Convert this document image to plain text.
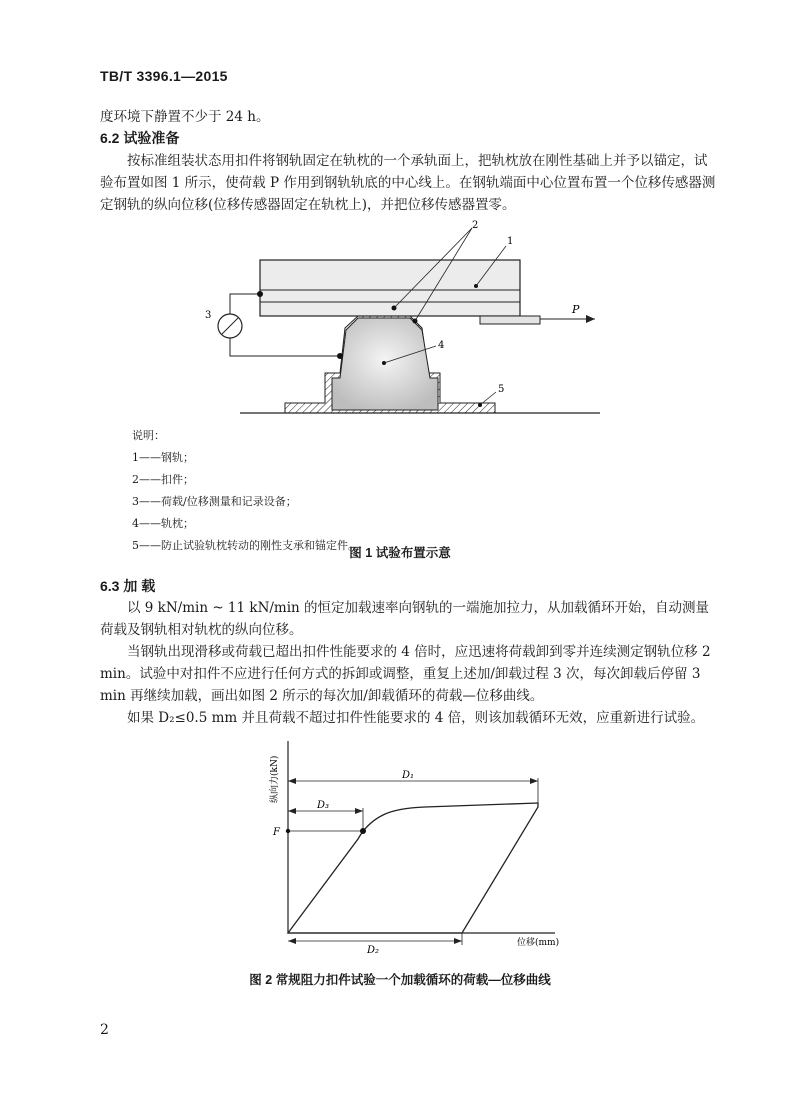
TB/T 3396.1—2015
度环境下静置不少于 24 h。
6.2 试验准备
按标准组装状态用扣件将钢轨固定在轨枕的一个承轨面上，把轨枕放在刚性基础上并予以锚定，试验布置如图 1 所示，使荷载 P 作用到钢轨轨底的中心线上。在钢轨端面中心位置布置一个位移传感器测定钢轨的纵向位移(位移传感器固定在轨枕上)，并把位移传感器置零。
P
2
1
4
5
3
说明：
1——钢轨；
2——扣件；
3——荷载/位移测量和记录设备；
4——轨枕；
5——防止试验轨枕转动的刚性支承和锚定件。
图 1 试验布置示意
6.3 加 载
以 9 kN/min ~ 11 kN/min 的恒定加载速率向钢轨的一端施加拉力，从加载循环开始，自动测量荷载及钢轨相对轨枕的纵向位移。
当钢轨出现滑移或荷载已超出扣件性能要求的 4 倍时，应迅速将荷载卸到零并连续测定钢轨位移 2 min。试验中对扣件不应进行任何方式的拆卸或调整，重复上述加/卸载过程 3 次，每次卸载后停留 3 min 再继续加载，画出如图 2 所示的每次加/卸载循环的荷载—位移曲线。
如果 D₂≤0.5 mm 并且荷载不超过扣件性能要求的 4 倍，则该加载循环无效，应重新进行试验。
纵向力(kN)
位移(mm)
D₁
D₃
F
D₂
图 2 常规阻力扣件试验一个加载循环的荷载—位移曲线
2
